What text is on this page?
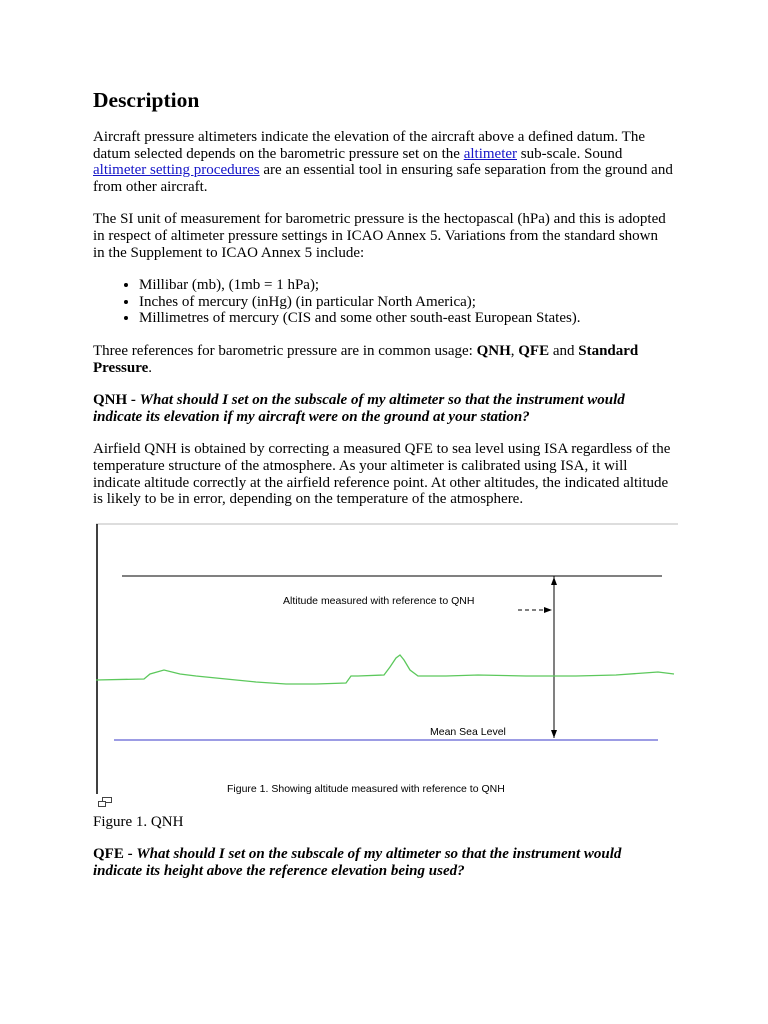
Description

Aircraft pressure altimeters indicate the elevation of the aircraft above a defined datum. The datum selected depends on the barometric pressure set on the altimeter sub-scale. Sound altimeter setting procedures are an essential tool in ensuring safe separation from the ground and from other aircraft.

The SI unit of measurement for barometric pressure is the hectopascal (hPa) and this is adopted in respect of altimeter pressure settings in ICAO Annex 5. Variations from the standard shown in the Supplement to ICAO Annex 5 include:

• Millibar (mb), (1mb = 1 hPa);
• Inches of mercury (inHg) (in particular North America);
• Millimetres of mercury (CIS and some other south-east European States).

Three references for barometric pressure are in common usage: QNH, QFE and Standard Pressure.

QNH - What should I set on the subscale of my altimeter so that the instrument would indicate its elevation if my aircraft were on the ground at your station?

Airfield QNH is obtained by correcting a measured QFE to sea level using ISA regardless of the temperature structure of the atmosphere. As your altimeter is calibrated using ISA, it will indicate altitude correctly at the airfield reference point. At other altitudes, the indicated altitude is likely to be in error, depending on the temperature of the atmosphere.

Altitude measured with reference to QNH
Mean Sea Level
Figure 1. Showing altitude measured with reference to QNH

Figure 1. QNH

QFE - What should I set on the subscale of my altimeter so that the instrument would indicate its height above the reference elevation being used?
